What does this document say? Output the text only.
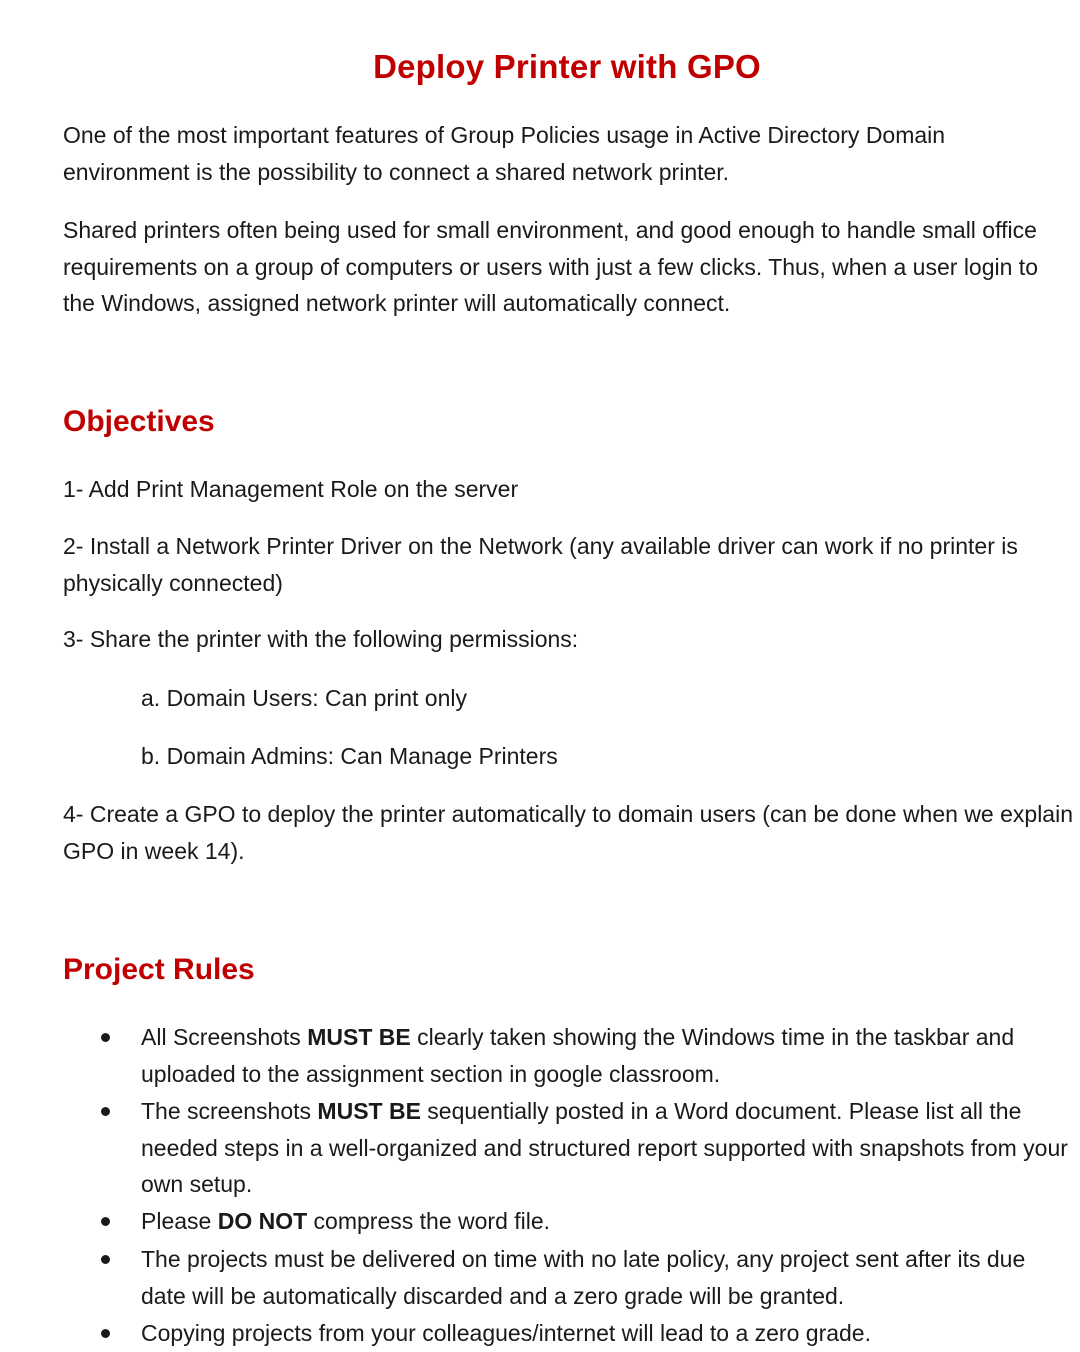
Deploy Printer with GPO

One of the most important features of Group Policies usage in Active Directory Domain environment is the possibility to connect a shared network printer.

Shared printers often being used for small environment, and good enough to handle small office requirements on a group of computers or users with just a few clicks. Thus, when a user login to the Windows, assigned network printer will automatically connect.

Objectives

1- Add Print Management Role on the server

2- Install a Network Printer Driver on the Network (any available driver can work if no printer is physically connected)

3- Share the printer with the following permissions:

a. Domain Users: Can print only

b. Domain Admins: Can Manage Printers

4- Create a GPO to deploy the printer automatically to domain users (can be done when we explain GPO in week 14).

Project Rules

All Screenshots MUST BE clearly taken showing the Windows time in the taskbar and uploaded to the assignment section in google classroom.

The screenshots MUST BE sequentially posted in a Word document. Please list all the needed steps in a well-organized and structured report supported with snapshots from your own setup.

Please DO NOT compress the word file.

The projects must be delivered on time with no late policy, any project sent after its due date will be automatically discarded and a zero grade will be granted.

Copying projects from your colleagues/internet will lead to a zero grade.
